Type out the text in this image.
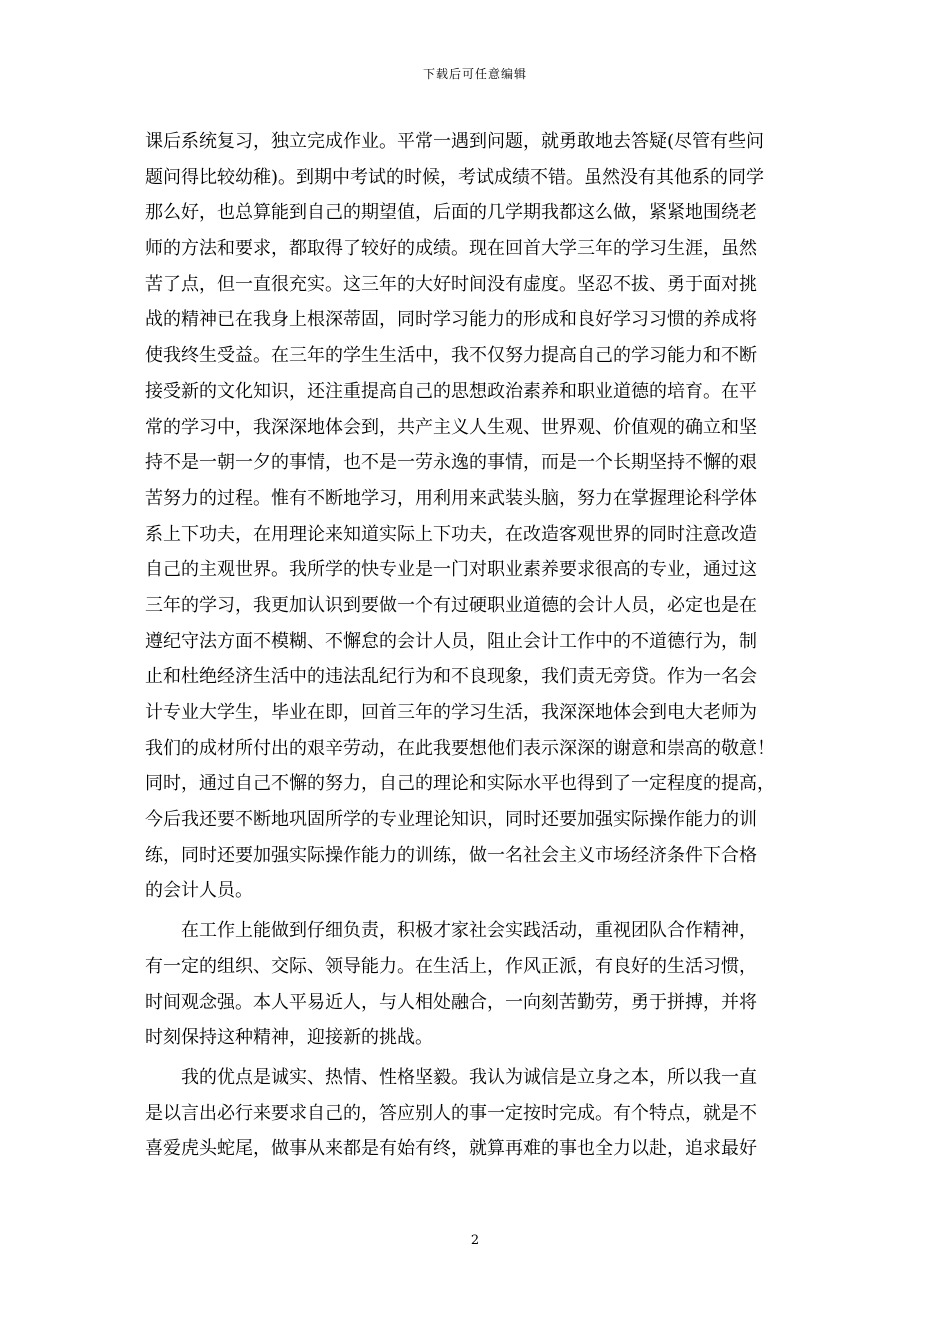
下载后可任意编辑
课后系统复习，独立完成作业。平常一遇到问题，就勇敢地去答疑(尽管有些问
题问得比较幼稚)。到期中考试的时候，考试成绩不错。虽然没有其他系的同学
那么好，也总算能到自己的期望值，后面的几学期我都这么做，紧紧地围绕老
师的方法和要求，都取得了较好的成绩。现在回首大学三年的学习生涯，虽然
苦了点，但一直很充实。这三年的大好时间没有虚度。坚忍不拔、勇于面对挑
战的精神已在我身上根深蒂固，同时学习能力的形成和良好学习习惯的养成将
使我终生受益。在三年的学生生活中，我不仅努力提高自己的学习能力和不断
接受新的文化知识，还注重提高自己的思想政治素养和职业道德的培育。在平
常的学习中，我深深地体会到，共产主义人生观、世界观、价值观的确立和坚
持不是一朝一夕的事情，也不是一劳永逸的事情，而是一个长期坚持不懈的艰
苦努力的过程。惟有不断地学习，用利用来武装头脑，努力在掌握理论科学体
系上下功夫，在用理论来知道实际上下功夫，在改造客观世界的同时注意改造
自己的主观世界。我所学的快专业是一门对职业素养要求很高的专业，通过这
三年的学习，我更加认识到要做一个有过硬职业道德的会计人员，必定也是在
遵纪守法方面不模糊、不懈怠的会计人员，阻止会计工作中的不道德行为，制
止和杜绝经济生活中的违法乱纪行为和不良现象，我们责无旁贷。作为一名会
计专业大学生，毕业在即，回首三年的学习生活，我深深地体会到电大老师为
我们的成材所付出的艰辛劳动，在此我要想他们表示深深的谢意和崇高的敬意！
同时，通过自己不懈的努力，自己的理论和实际水平也得到了一定程度的提高，
今后我还要不断地巩固所学的专业理论知识，同时还要加强实际操作能力的训
练，同时还要加强实际操作能力的训练，做一名社会主义市场经济条件下合格
的会计人员。
在工作上能做到仔细负责，积极才家社会实践活动，重视团队合作精神，
有一定的组织、交际、领导能力。在生活上，作风正派，有良好的生活习惯，
时间观念强。本人平易近人，与人相处融合，一向刻苦勤劳，勇于拼搏，并将
时刻保持这种精神，迎接新的挑战。
我的优点是诚实、热情、性格坚毅。我认为诚信是立身之本，所以我一直
是以言出必行来要求自己的，答应别人的事一定按时完成。有个特点，就是不
喜爱虎头蛇尾，做事从来都是有始有终，就算再难的事也全力以赴，追求最好
2
